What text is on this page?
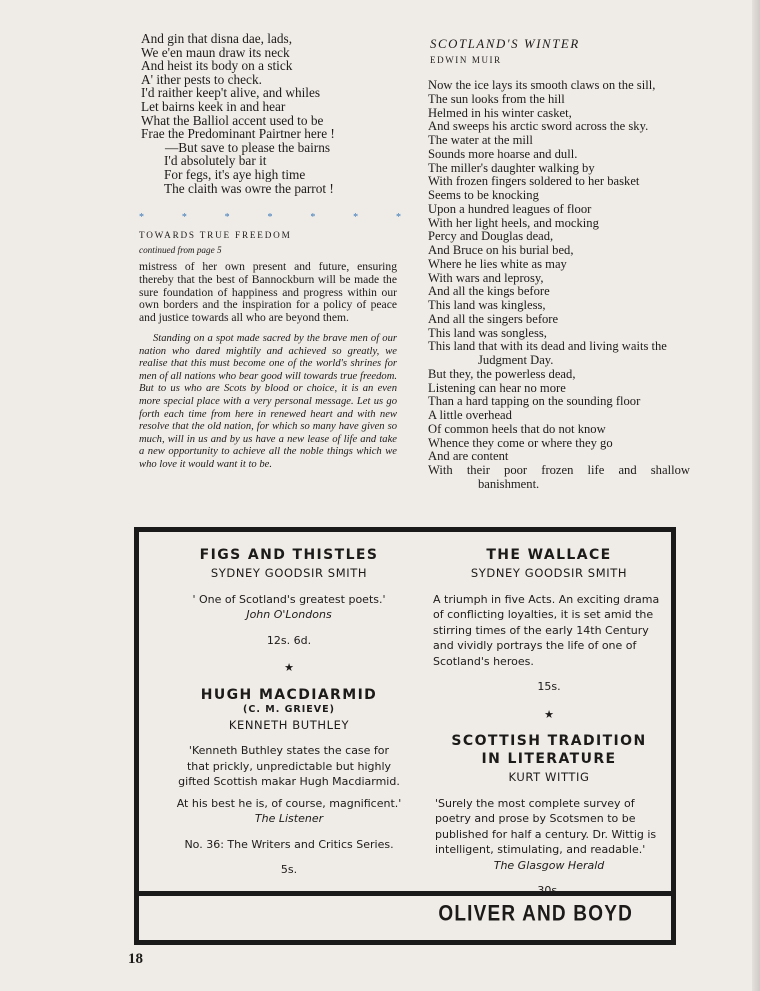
And gin that disna dae, lads,
We e'en maun draw its neck
And heist its body on a stick
A' ither pests to check.
I'd raither keep't alive, and whiles
Let bairns keek in and hear
What the Balliol accent used to be
Frae the Predominant Pairtner here !
—But save to please the bairns
I'd absolutely bar it
For fegs, it's aye high time
The claith was owre the parrot !
*	*	*	*	*	*	*
TOWARDS TRUE FREEDOM
continued from page 5

mistress of her own present and future, ensuring thereby that the best of Bannockburn will be made the sure foundation of happiness and progress within our own borders and the inspiration for a policy of peace and justice towards all who are beyond them.

Standing on a spot made sacred by the brave men of our nation who dared mightily and achieved so greatly, we realise that this must become one of the world's shrines for men of all nations who bear good will towards true freedom. But to us who are Scots by blood or choice, it is an even more special place with a very personal message. Let us go forth each time from here in renewed heart and with new resolve that the old nation, for which so many have given so much, will in us and by us have a new lease of life and take a new opportunity to achieve all the noble things which we who love it would want it to be.

SCOTLAND'S WINTER
EDWIN MUIR
Now the ice lays its smooth claws on the sill,
The sun looks from the hill
Helmed in his winter casket,
And sweeps his arctic sword across the sky.
The water at the mill
Sounds more hoarse and dull.
The miller's daughter walking by
With frozen fingers soldered to her basket
Seems to be knocking
Upon a hundred leagues of floor
With her light heels, and mocking
Percy and Douglas dead,
And Bruce on his burial bed,
Where he lies white as may
With wars and leprosy,
And all the kings before
This land was kingless,
And all the singers before
This land was songless,
This land that with its dead and living waits the
Judgment Day.
But they, the powerless dead,
Listening can hear no more
Than a hard tapping on the sounding floor
A little overhead
Of common heels that do not know
Whence they come or where they go
And are content
With their poor frozen life and shallow
banishment.
FIGS AND THISTLES
SYDNEY GOODSIR SMITH
' One of Scotland's greatest poets.'
John O'Londons
12s. 6d.
★
HUGH MACDIARMID
(C. M. GRIEVE)
KENNETH BUTHLEY
'Kenneth Buthley states the case for
that prickly, unpredictable but highly
gifted Scottish makar Hugh Macdiarmid.
At his best he is, of course, magnificent.'
The Listener
No. 36: The Writers and Critics Series.
5s.
THE WALLACE
SYDNEY GOODSIR SMITH
A triumph in five Acts. An exciting drama of conflicting loyalties, it is set amid the stirring times of the early 14th Century and vividly portrays the life of one of Scotland's heroes.
15s.
★
SCOTTISH TRADITION
IN LITERATURE
KURT WITTIG
'Surely the most complete survey of poetry and prose by Scotsmen to be published for half a century. Dr. Wittig is intelligent, stimulating, and readable.'
The Glasgow Herald
OLIVER AND BOYD
18
